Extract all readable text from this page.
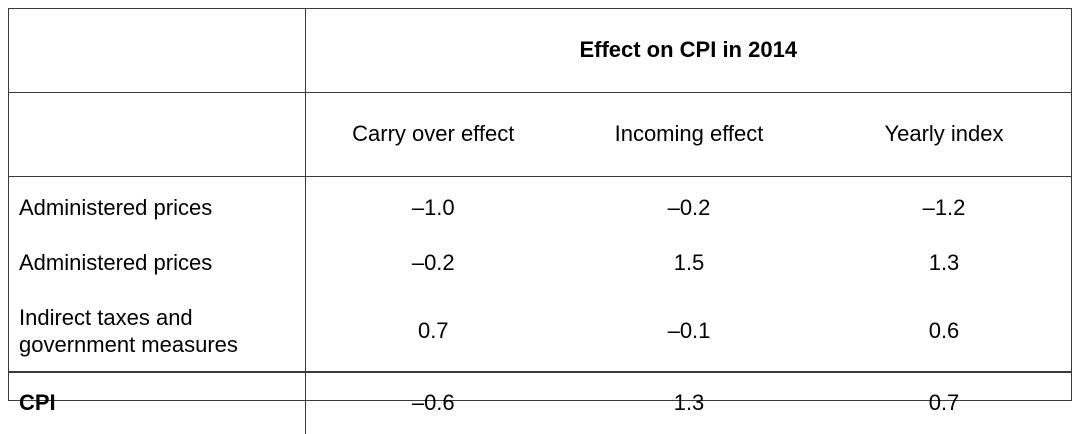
	Effect on CPI in 2014		
	Carry over effect	Incoming effect	Yearly index
Administered prices	–1.0	–0.2	–1.2
Administered prices	–0.2	1.5	1.3
Indirect taxes and
government measures	0.7	–0.1	0.6
CPI	–0.6	1.3	0.7
